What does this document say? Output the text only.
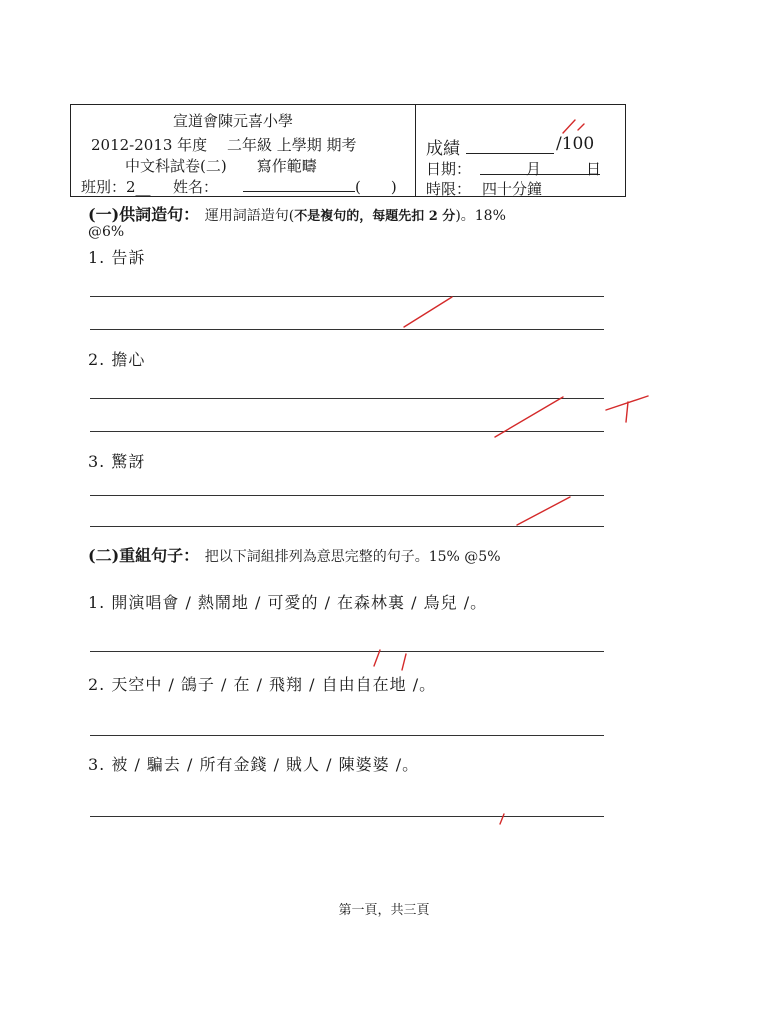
宣道會陳元喜小學
2012-2013 年度　 二年級 上學期 期考
中文科試卷(二)　　寫作範疇
班別：2__ 姓名：	(　　)
成績	/100
日期：	月	日
時限： 四十分鐘
(一)供詞造句： 運用詞語造句(不是複句的，每題先扣 2 分)。18%
@6%
1. 告訴
2. 擔心
3. 驚訝
(二)重組句子： 把以下詞組排列為意思完整的句子。15% @5%
1. 開演唱會 / 熱鬧地 / 可愛的 / 在森林裏 / 鳥兒 /。
2. 天空中 / 鴿子 / 在 / 飛翔 / 自由自在地 /。
3. 被 / 騙去 / 所有金錢 / 賊人 / 陳婆婆 /。
第一頁，共三頁
